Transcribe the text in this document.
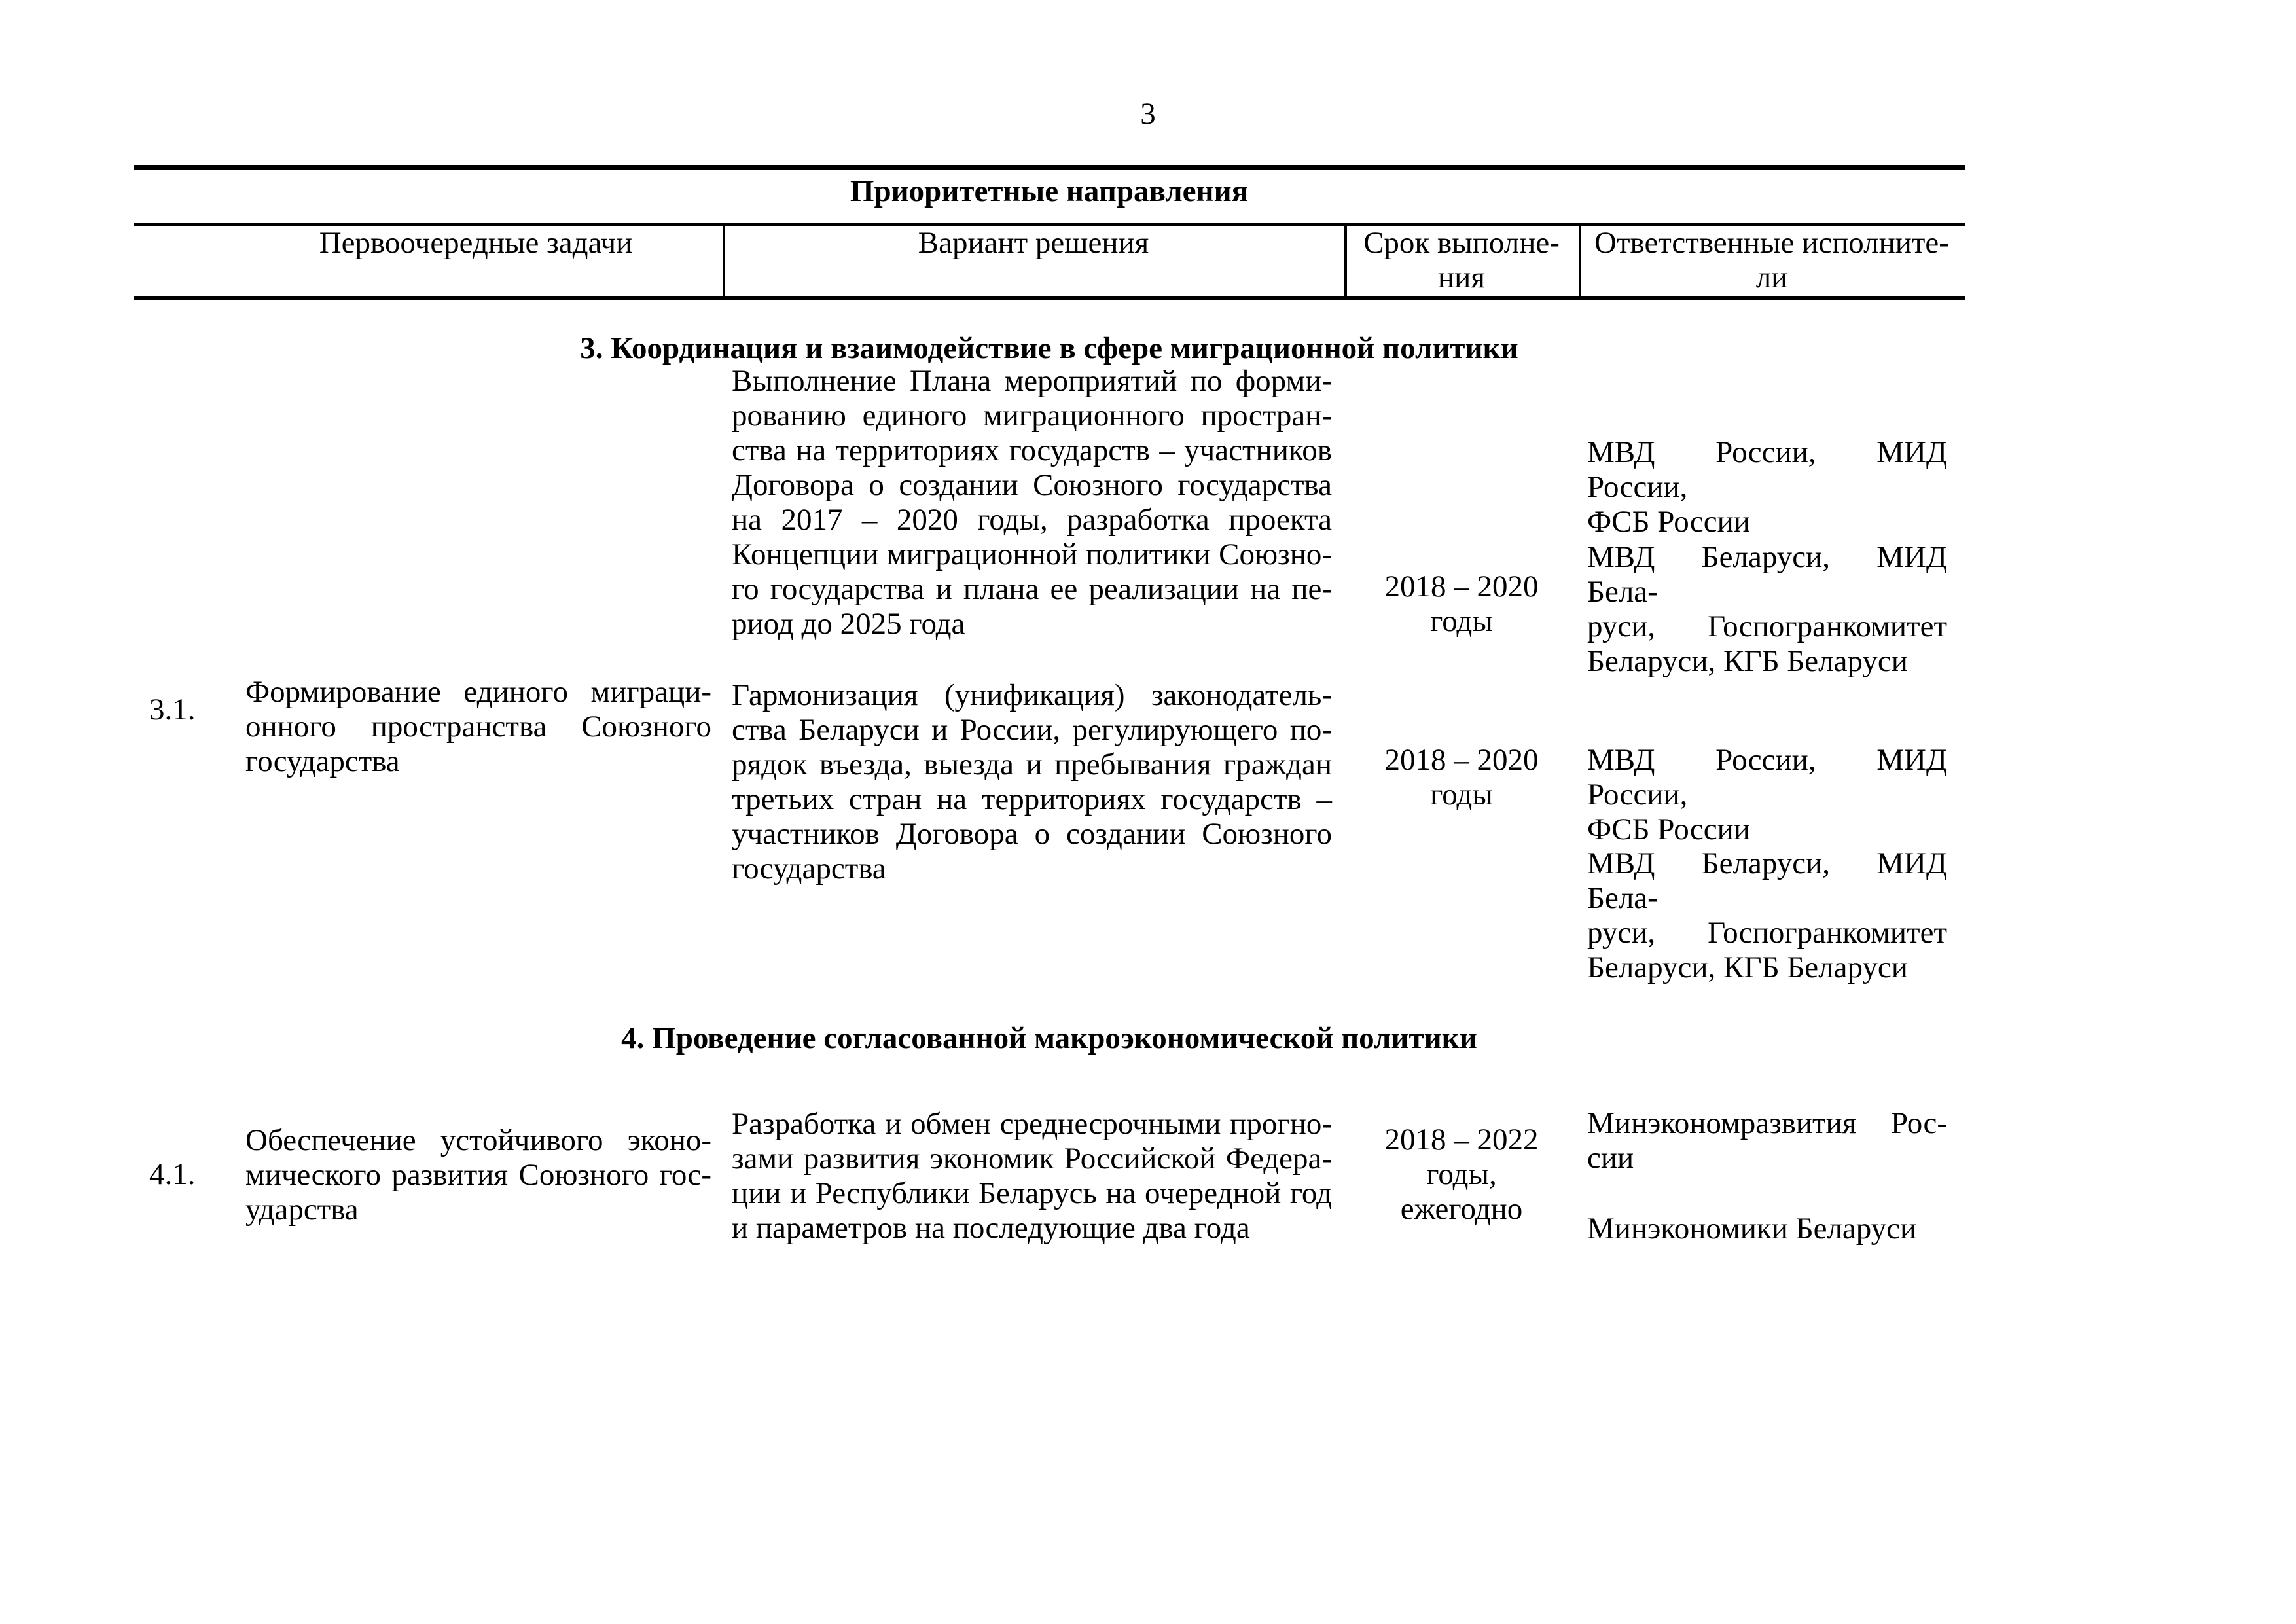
3
Приоритетные направления
Первоочередные задачи	Вариант решения	Срок выполне-
ния
Ответственные исполните-
ли
3. Координация и взаимодействие в сфере миграционной политики
Выполнение Плана мероприятий по форми-
рованию единого миграционного простран-
ства на территориях государств – участников
Договора о создании Союзного государства
на 2017 – 2020 годы, разработка проекта
Концепции миграционной политики Союзно-
го государства и плана ее реализации на пе-
риод до 2025 года
2018 – 2020
годы
МВД России, МИД России,
ФСБ России
МВД Беларуси, МИД Бела-
руси, Госпогранкомитет
Беларуси, КГБ Беларуси
3.1.
Формирование единого миграци-
онного пространства Союзного
государства
Гармонизация (унификация) законодатель-
ства Беларуси и России, регулирующего по-
рядок въезда, выезда и пребывания граждан
третьих стран на территориях государств –
участников Договора о создании Союзного
государства
2018 – 2020
годы
МВД России, МИД России,
ФСБ России
МВД Беларуси, МИД Бела-
руси, Госпогранкомитет
Беларуси, КГБ Беларуси
4. Проведение согласованной макроэкономической политики
4.1.
Обеспечение устойчивого эконо-
мического развития Союзного гос-
ударства
Разработка и обмен среднесрочными прогно-
зами развития экономик Российской Федера-
ции и Республики Беларусь на очередной год
и параметров на последующие два года
2018 – 2022
годы,
ежегодно
Минэкономразвития Рос-
сии
Минэкономики Беларуси
